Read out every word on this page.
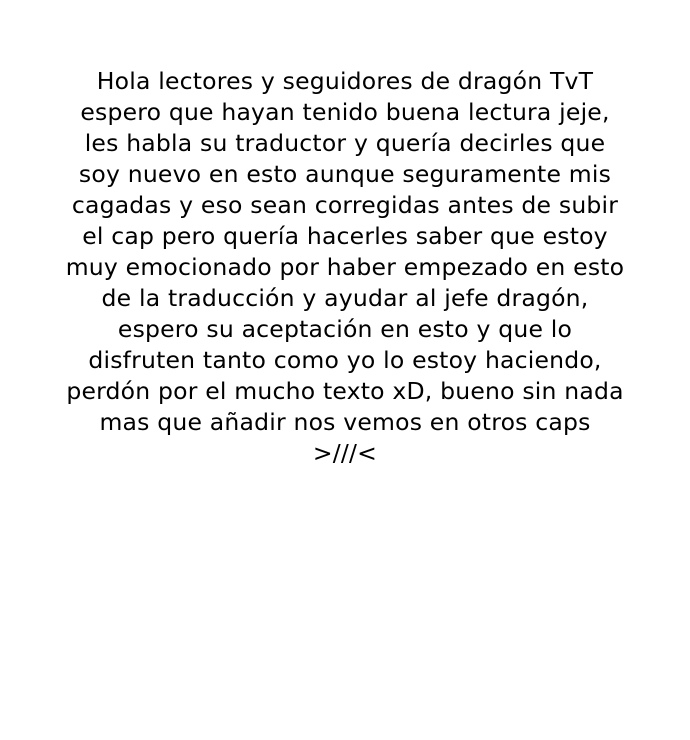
Hola lectores y seguidores de dragón TvT
espero que hayan tenido buena lectura jeje,
les habla su traductor y quería decirles que
soy nuevo en esto aunque seguramente mis
cagadas y eso sean corregidas antes de subir
el cap pero quería hacerles saber que estoy
muy emocionado por haber empezado en esto
de la traducción y ayudar al jefe dragón,
espero su aceptación en esto y que lo
disfruten tanto como yo lo estoy haciendo,
perdón por el mucho texto xD, bueno sin nada
mas que añadir nos vemos en otros caps
>///<
